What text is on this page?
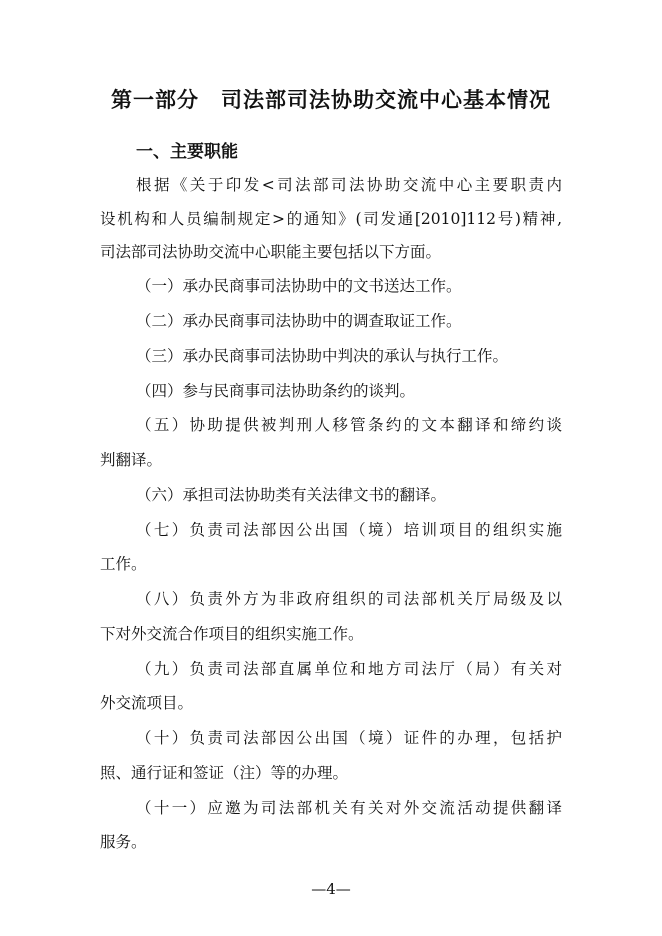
第一部分　司法部司法协助交流中心基本情况
一、主要职能
根据《关于印发<司法部司法协助交流中心主要职责内
设机构和人员编制规定>的通知》(司发通[2010]112号)精神,
司法部司法协助交流中心职能主要包括以下方面。
（一）承办民商事司法协助中的文书送达工作。
（二）承办民商事司法协助中的调查取证工作。
（三）承办民商事司法协助中判决的承认与执行工作。
（四）参与民商事司法协助条约的谈判。
（五）协助提供被判刑人移管条约的文本翻译和缔约谈
判翻译。
（六）承担司法协助类有关法律文书的翻译。
（七）负责司法部因公出国（境）培训项目的组织实施
工作。
（八）负责外方为非政府组织的司法部机关厅局级及以
下对外交流合作项目的组织实施工作。
（九）负责司法部直属单位和地方司法厅（局）有关对
外交流项目。
（十）负责司法部因公出国（境）证件的办理，包括护
照、通行证和签证（注）等的办理。
（十一）应邀为司法部机关有关对外交流活动提供翻译
服务。
—4—
